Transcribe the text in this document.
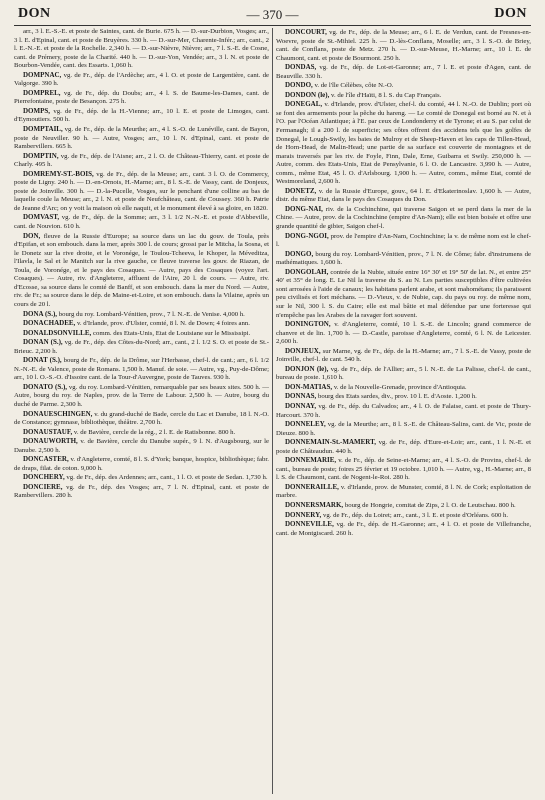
DON	— 370 —	DON

arr., 3 l. E.-S.-E. et poste de Saintes, cant. de Burie. 675 h. — D.-sur-Durbion, Vosges; arr., 3 l. E. d'Epinal, cant. et poste de Bruyères. 330 h. — D.-sur-Mer, Charente-Infér.; arr., cant., 2 l. E.-N.-E. et poste de la Rochelle. 2,340 h. — D.-sur-Nièvre, Nièvre; arr., 7 l. S.-E. de Cosne, cant. de Prémery, poste de la Charité. 440 h. — D.-sur-Yon, Vendée; arr., 3 l. N. et poste de Bourbon-Vendée, cant. des Essarts. 1,060 h.

DOMPNAC, vg. de Fr., dép. de l'Ardèche; arr., 4 l. O. et poste de Largentière, cant. de Valgorge. 390 h.

DOMPREL, vg. de Fr., dép. du Doubs; arr., 4 l. S. de Baume-les-Dames, cant. de Pierrefontaine, poste de Besançon. 275 h.

DOMPS, vg. de Fr., dép. de la H.-Vienne; arr., 10 l. E. et poste de Limoges, cant. d'Eymoutiers. 500 h.

DOMPTAIL, vg. de Fr., dép. de la Meurthe; arr., 4 l. S.-O. de Lunéville, cant. de Bayon, poste de Neuviller. 90 h. — Autre, Vosges; arr., 10 l. N. d'Epinal, cant. et poste de Rambervillers. 665 h.

DOMPTIN, vg. de Fr., dép. de l'Aisne; arr., 2 l. O. de Château-Thierry, cant. et poste de Charly. 495 h.

DOMREMY-ST.-BOIS, vg. de Fr., dép. de la Meuse; arr., cant. 3 l. O. de Commercy, poste de Ligny. 240 h. — D.-en-Ornois, H.-Marne; arr., 8 l. S.-E. de Vassy, cant. de Donjeux, poste de Joinville. 300 h. — D.-la-Pucelle, Vosges, sur le penchant d'une colline au bas de laquelle coule la Meuse; arr., 2 l. N. et poste de Neufchâteau, cant. de Coussey. 360 h. Patrie de Jeanne d'Arc; on y voit la maison où elle naquit, et le monument élevé à sa gloire, en 1820.

DOMVAST, vg. de Fr., dép. de la Somme; arr., 3 l. 1/2 N.-N.-E. et poste d'Abbeville, cant. de Nouvion. 610 h.

DON, fleuve de la Russie d'Europe; sa source dans un lac du gouv. de Toula, près d'Epifan, et son embouch. dans la mer, après 300 l. de cours; grossi par le Mitcha, la Sosna, et le Donetz sur la rive droite, et le Voronége, le Toulou-Tcheeva, le Khoper, la Méveditza, l'Ilavla, le Sal et le Manitch sur la rive gauche, ce fleuve traverse les gouv. de Riazan, de Toula, de Voronége, et le pays des Cosaques. — Autre, pays des Cosaques (voyez l'art. Cosaques). — Autre, riv. d'Angleterre, affluent de l'Aire, 20 l. de cours. — Autre, riv. d'Ecosse, sa source dans le comté de Banff, et son embouch. dans la mer du Nord. — Autre, riv. de Fr.; sa source dans le dép. de Maine-et-Loire, et son embouch. dans la Vilaine, après un cours de 20 l.

DONA (S.), bourg du roy. Lombard-Vénitien, prov., 7 l. N.-E. de Venise. 4,000 h.

DONACHADEE, v. d'Irlande, prov. d'Ulster, comté, 8 l. N. de Down; 4 foires ann.

DONALDSONVILLE, comm. des Etats-Unis, Etat de Louisiane sur le Mississipi.

DONAN (S.), vg. de Fr., dép. des Côtes-du-Nord; arr., cant., 2 l. 1/2 S. O. et poste de St.-Brieuc. 2,200 h.

DONAT (S.), bourg de Fr., dép. de la Drôme, sur l'Herbasse, chef-l. de cant.; arr., 6 l. 1/2 N.-N.-E. de Valence, poste de Romans. 1,500 h. Manuf. de soie. — Autre, vg., Puy-de-Dôme; arr., 10 l. O.-S.-O. d'Issoire cant. de la Tour-d'Auvergne, poste de Tauves. 930 h.

DONATO (S.), vg. du roy. Lombard-Vénitien, remarquable par ses beaux sites. 500 h. — Autre, bourg du roy. de Naples, prov. de la Terre de Labour. 2,500 h. — Autre, bourg du duché de Parme. 2,300 h.

DONAUESCHINGEN, v. du grand-duché de Bade, cercle du Lac et Danube, 18 l. N.-O. de Constance; gymnase, bibliothèque, théâtre. 2,700 h.

DONAUSTAUF, v. de Bavière, cercle de la rég., 2 l. E. de Ratisbonne. 800 h.

DONAUWORTH, v. de Bavière, cercle du Danube supér., 9 l. N. d'Augsbourg, sur le Danube. 2,500 h.

DONCASTER, v. d'Angleterre, comté, 8 l. S. d'York; banque, hospice, bibliothèque; fabr. de draps, filat. de coton. 9,000 h.

DONCHERY, vg. de Fr., dép. des Ardennes; arr., cant., 1 l. O. et poste de Sedan. 1,730 h.

DONCIERE, vg. de Fr., dép. des Vosges; arr., 7 l. N. d'Epinal, cant. et poste de Rambervillers. 280 h.

DONCOURT, vg. de Fr., dép. de la Meuse; arr., 6 l. E. de Verdun, cant. de Fresnes-en-Woevre, poste de St.-Mihiel. 225 h. — D.-lès-Conflans, Moselle; arr., 3 l. S.-O. de Briey, cant. de Conflans, poste de Metz. 270 h. — D.-sur-Meuse, H.-Marne; arr., 10 l. E. de Chaumont, cant. et poste de Bourmont. 250 h.

DONDAS, vg. de Fr., dép. de Lot-et-Garonne; arr., 7 l. E. et poste d'Agen, cant. de Beauville. 330 h.

DONDO, v. de l'île Célèbes, côte N.-O.

DONDON (le), v. de l'île d'Haïti, 8 l. S. du Cap Français.

DONEGAL, v. d'Irlande, prov. d'Ulster, chef-l. du comté, 44 l. N.-O. de Dublin; port où se font des armements pour la pêche du hareng. — Le comté de Donegal est borné au N. et à l'O. par l'Océan Atlantique; à l'E. par ceux de Londonderry et de Tyrone; et au S. par celui de Fermanagh; il a 200 l. de superficie; ses côtes offrent des accidens tels que les golfes de Donegal, le Lough-Swily, les baies de Mulroy et de Sheep-Haven et les caps de Tillen-Head, de Horn-Head, de Malin-Head; une partie de sa surface est couverte de montagnes et de marais traversés par les riv. de Foyle, Finn, Dale, Erne, Guibarra et Swily. 250,000 h. — Autre, comm. des Etats-Unis, Etat de Pensylvanie, 6 l. O. de Lancastre. 3,990 h. — Autre, comm., même Etat, 45 l. O. d'Arlsbourg. 1,900 h. — Autre, comm., même Etat, comté de Westmoreland, 2,600 h.

DONETZ, v. de la Russie d'Europe, gouv., 64 l. E. d'Ekaterinoslav. 1,600 h. — Autre, distr. du même Etat, dans le pays des Cosaques du Don.

DONG-NAI, riv. de la Cochinchine, qui traverse Saigon et se perd dans la mer de la Chine. — Autre, prov. de la Cochinchine (empire d'An-Nam); elle est bien boisée et offre une grande quantité de gibier, Saigon chef-l.

DONG-NGOI, prov. de l'empire d'An-Nam, Cochinchine; la v. de même nom est le chef-l.

DONGO, bourg du roy. Lombard-Vénitien, prov., 7 l. N. de Côme; fabr. d'instrumens de mathématiques. 1,600 h.

DONGOLAH, contrée de la Nubie, située entre 16° 30' et 19° 50' de lat. N., et entre 25° 40' et 35° de long. E. Le Nil la traverse du S. au N. Les parties susceptibles d'être cultivées sont arrosées à l'aide de canaux; les habitans parlent arabe, et sont mahométans; ils paraissent peu civilisés et fort méchans. — D.-Vieux, v. de Nubie, cap. du pays ou roy. de même nom, sur le Nil, 300 l. S. du Caire; elle est mal bâtie et mal défendue par une forteresse qui n'empêche pas les Arabes de la ravager fort souvent.

DONINGTON, v. d'Angleterre, comté, 10 l. S.-E. de Lincoln; grand commerce de chanvre et de lin. 1,700 h. — D.-Castle, paroisse d'Angleterre, comté, 6 l. N. de Leicester. 2,600 h.

DONJEUX, sur Marne, vg. de Fr., dép. de la H.-Marne; arr., 7 l. S.-E. de Vassy, poste de Joinville, chef-l. de cant. 540 h.

DONJON (le), vg. de Fr., dép. de l'Allier; arr., 5 l. N.-E. de La Palisse, chef-l. de cant., bureau de poste. 1,610 h.

DON-MATIAS, v. de la Nouvelle-Grenade, province d'Antioquia.

DONNAS, bourg des Etats sardes, div., prov. 10 l. E. d'Aoste. 1,200 h.

DONNAY, vg. de Fr., dép. du Calvados; arr., 4 l. O. de Falaise, cant. et poste de Thury-Harcourt. 370 h.

DONNELEY, vg. de la Meurthe; arr., 8 l. S.-E. de Château-Salins, cant. de Vic, poste de Dieuze. 800 h.

DONNEMAIN-St.-MAMERT, vg. de Fr., dép. d'Eure-et-Loir; arr., cant., 1 l. N.-E. et poste de Châteaudun. 440 h.

DONNEMARIE, v. de Fr., dép. de Seine-et-Marne; arr., 4 l. S.-O. de Provins, chef-l. de cant., bureau de poste; foires 25 février et 19 octobre. 1,010 h. — Autre, vg., H.-Marne; arr., 8 l. S. de Chaumont, cant. de Nogent-le-Roi. 280 h.

DONNERAILLE, v. d'Irlande, prov. de Munster, comté, 8 l. N. de Cork; exploitation de marbre.

DONNERSMARK, bourg de Hongrie, comitat de Zips, 2 l. O. de Leutschau. 800 h.

DONNERY, vg. de Fr., dép. du Loiret; arr., cant., 3 l. E. et poste d'Orléans. 600 h.

DONNEVILLE, vg. de Fr., dép. de H.-Garonne; arr., 4 l. O. et poste de Villefranche, cant. de Montgiscard. 260 h.
